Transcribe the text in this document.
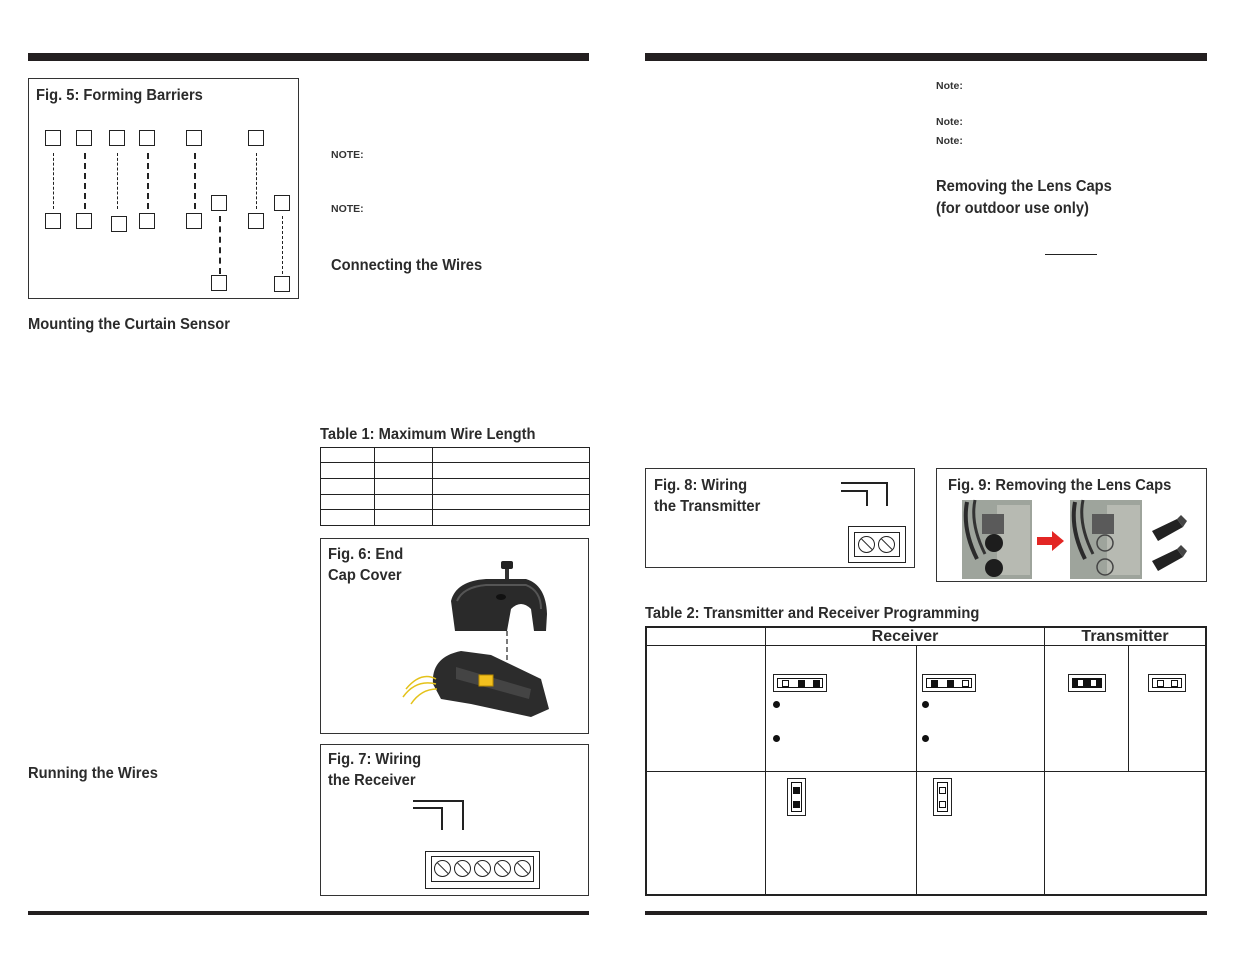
Fig. 5: Forming Barriers
NOTE:
NOTE:
Connecting the Wires
Mounting the Curtain Sensor
Running the Wires
Table 1: Maximum Wire Length
Fig. 6: End
Cap Cover
Fig. 7: Wiring
the Receiver
Note:
Note:
Note:
Removing the Lens Caps
(for outdoor use only)
Fig. 8: Wiring
the Transmitter
Fig. 9: Removing the Lens Caps
Table 2: Transmitter and Receiver Programming
Receiver	Transmitter
